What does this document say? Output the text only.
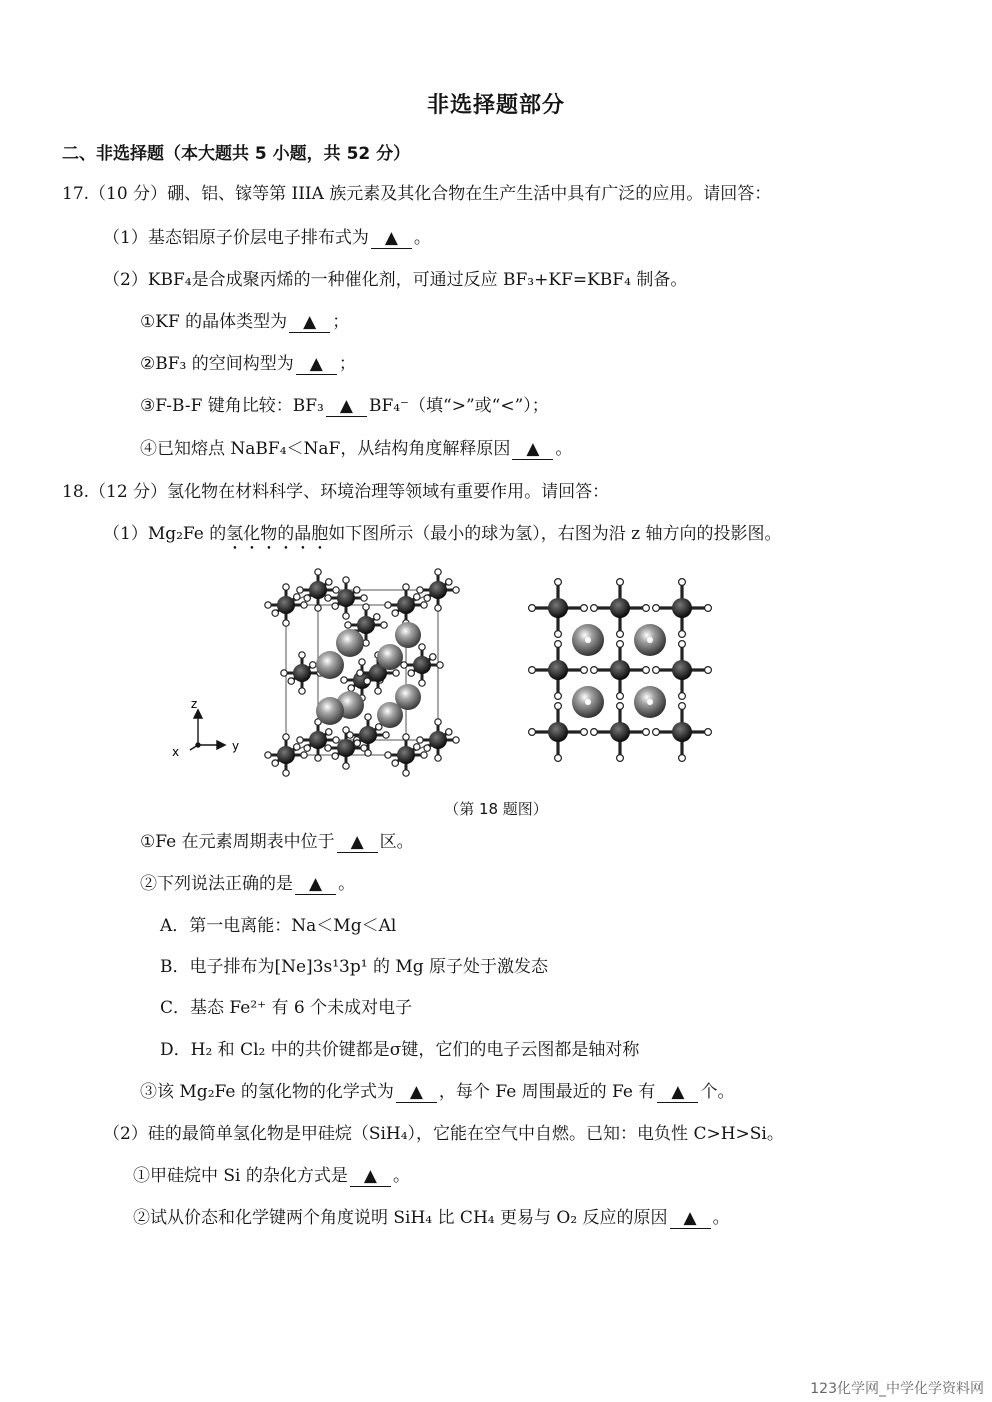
非选择题部分
二、非选择题（本大题共 5 小题，共 52 分）
17.（10 分）硼、铝、镓等第 IIIA 族元素及其化合物在生产生活中具有广泛的应用。请回答：
（1）基态铝原子价层电子排布式为 ▲ 。
（2）KBF₄是合成聚丙烯的一种催化剂，可通过反应 BF₃+KF=KBF₄ 制备。
①KF 的晶体类型为 ▲ ；
②BF₃ 的空间构型为 ▲ ；
③F-B-F 键角比较：BF₃ ▲ BF₄⁻（填“>”或“<”）；
④已知熔点 NaBF₄＜NaF，从结构角度解释原因 ▲ 。
18.（12 分）氢化物在材料科学、环境治理等领域有重要作用。请回答：
（1）Mg₂Fe 的氢化物的晶胞如下图所示（最小的球为氢），右图为沿 z 轴方向的投影图。
z
y
x
（第 18 题图）
①Fe 在元素周期表中位于 ▲ 区。
②下列说法正确的是 ▲ 。
A．第一电离能：Na＜Mg＜Al
B．电子排布为[Ne]3s¹3p¹ 的 Mg 原子处于激发态
C．基态 Fe²⁺ 有 6 个未成对电子
D．H₂ 和 Cl₂ 中的共价键都是σ键，它们的电子云图都是轴对称
③该 Mg₂Fe 的氢化物的化学式为 ▲ ，每个 Fe 周围最近的 Fe 有 ▲ 个。
（2）硅的最简单氢化物是甲硅烷（SiH₄），它能在空气中自燃。已知：电负性 C>H>Si。
①甲硅烷中 Si 的杂化方式是 ▲ 。
②试从价态和化学键两个角度说明 SiH₄ 比 CH₄ 更易与 O₂ 反应的原因 ▲ 。
123化学网_中学化学资料网
